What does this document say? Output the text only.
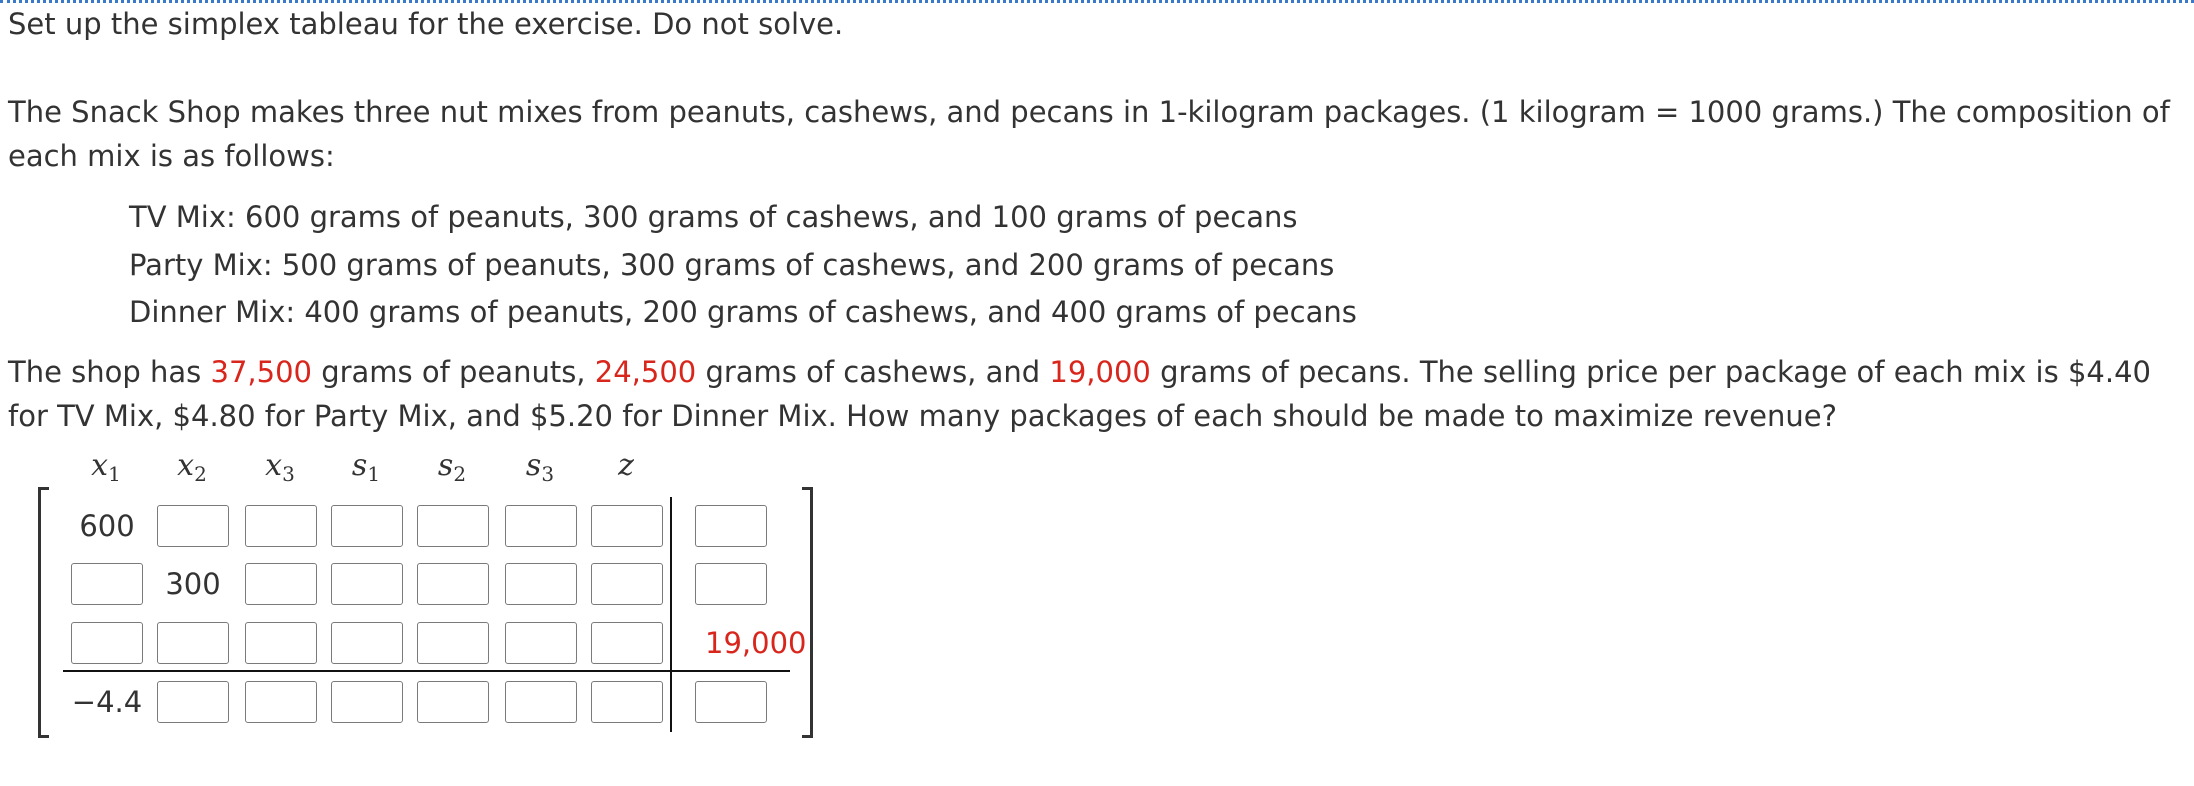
Set up the simplex tableau for the exercise. Do not solve.
The Snack Shop makes three nut mixes from peanuts, cashews, and pecans in 1-kilogram packages. (1 kilogram = 1000 grams.) The composition of
each mix is as follows:
TV Mix: 600 grams of peanuts, 300 grams of cashews, and 100 grams of pecans
Party Mix: 500 grams of peanuts, 300 grams of cashews, and 200 grams of pecans
Dinner Mix: 400 grams of peanuts, 200 grams of cashews, and 400 grams of pecans
The shop has 37,500 grams of peanuts, 24,500 grams of cashews, and 19,000 grams of pecans. The selling price per package of each mix is $4.40
for TV Mix, $4.80 for Party Mix, and $5.20 for Dinner Mix. How many packages of each should be made to maximize revenue?
$x_1$ $x_2$ $x_3$ $s_1$ $s_2$ $s_3$	z
600
300
19,000
−4.4
